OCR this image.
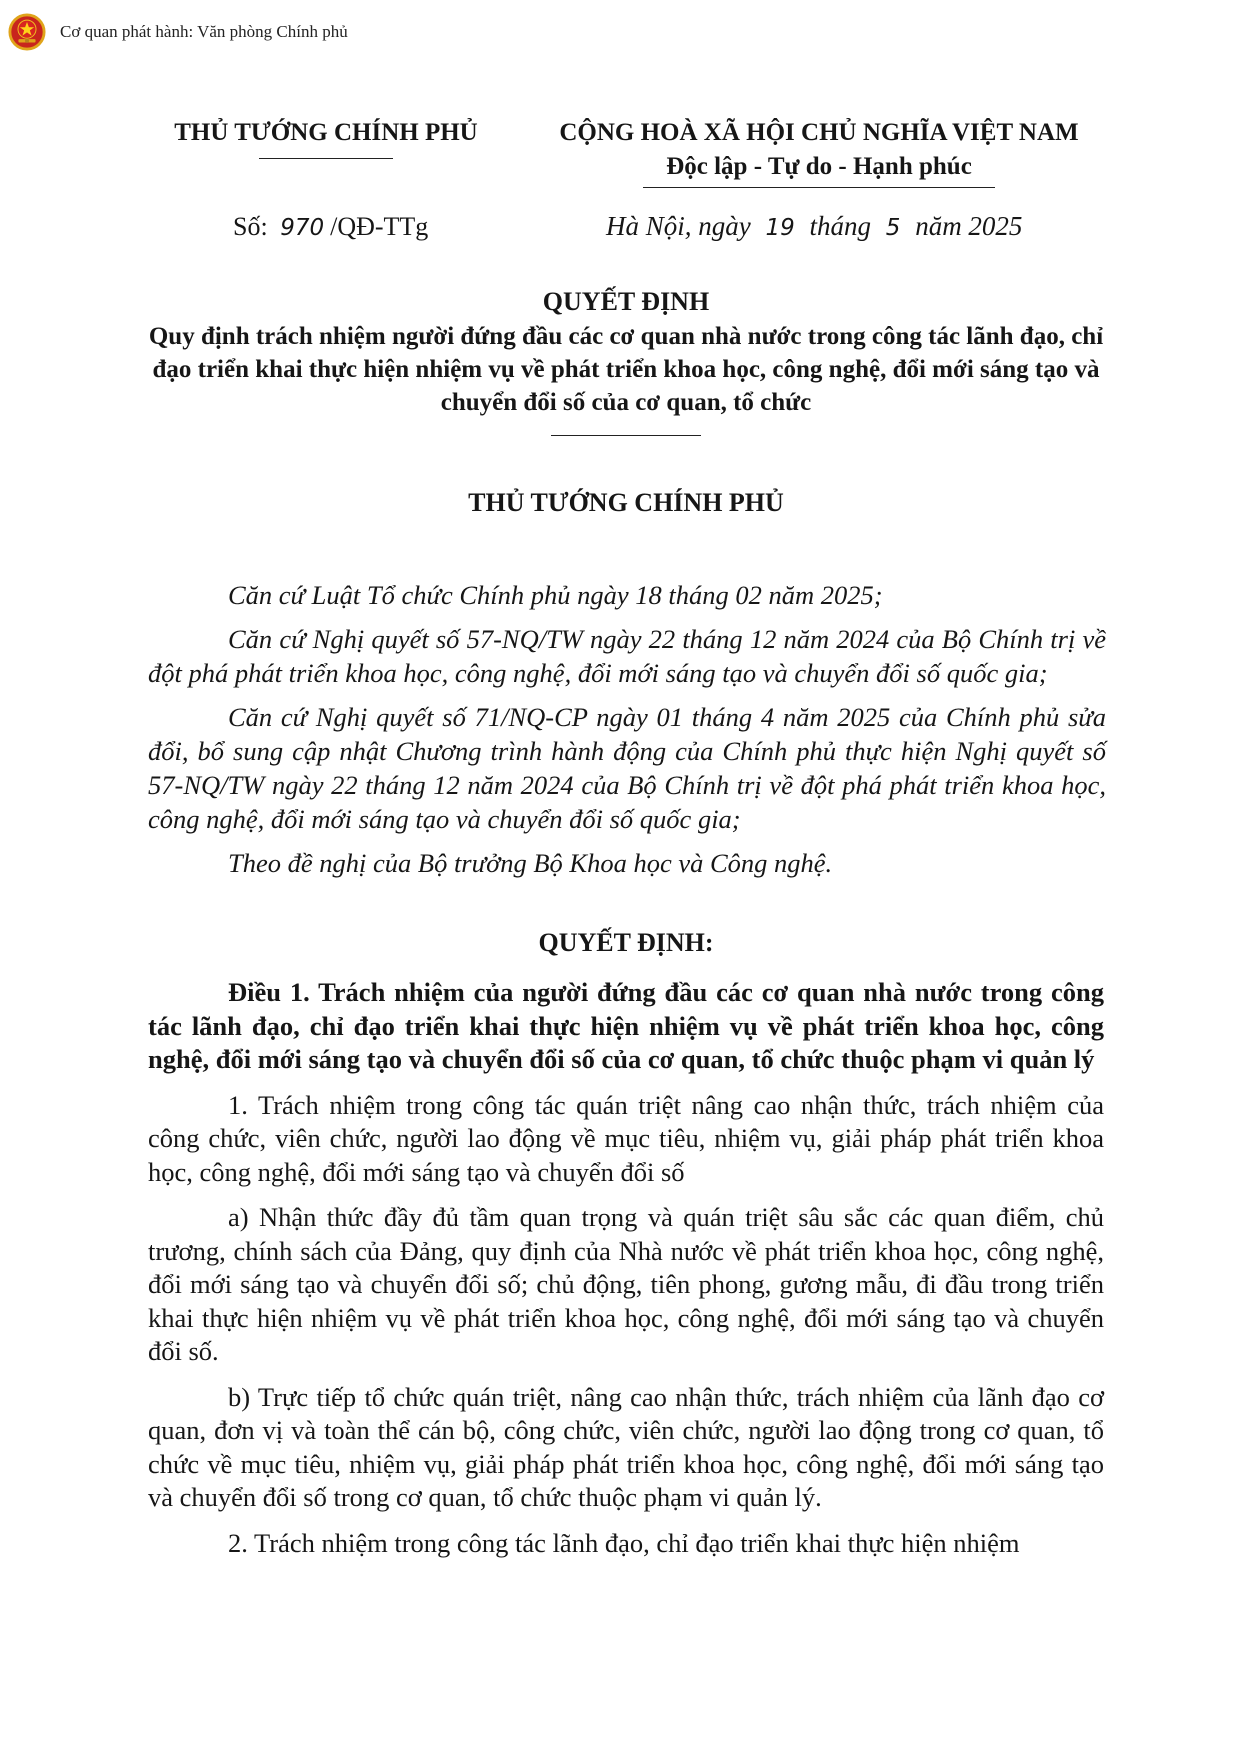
Cơ quan phát hành: Văn phòng Chính phủ
THỦ TƯỚNG CHÍNH PHỦ	CỘNG HOÀ XÃ HỘI CHỦ NGHĨA VIỆT NAM
Độc lập - Tự do - Hạnh phúc
Số: 970 /QĐ-TTg	Hà Nội, ngày 19 tháng 5 năm 2025
QUYẾT ĐỊNH
Quy định trách nhiệm người đứng đầu các cơ quan nhà nước trong công tác lãnh đạo, chỉ đạo triển khai thực hiện nhiệm vụ về phát triển khoa học, công nghệ, đổi mới sáng tạo và chuyển đổi số của cơ quan, tổ chức
THỦ TƯỚNG CHÍNH PHỦ

Căn cứ Luật Tổ chức Chính phủ ngày 18 tháng 02 năm 2025;

Căn cứ Nghị quyết số 57-NQ/TW ngày 22 tháng 12 năm 2024 của Bộ Chính trị về đột phá phát triển khoa học, công nghệ, đổi mới sáng tạo và chuyển đổi số quốc gia;

Căn cứ Nghị quyết số 71/NQ-CP ngày 01 tháng 4 năm 2025 của Chính phủ sửa đổi, bổ sung cập nhật Chương trình hành động của Chính phủ thực hiện Nghị quyết số 57-NQ/TW ngày 22 tháng 12 năm 2024 của Bộ Chính trị về đột phá phát triển khoa học, công nghệ, đổi mới sáng tạo và chuyển đổi số quốc gia;

Theo đề nghị của Bộ trưởng Bộ Khoa học và Công nghệ.

QUYẾT ĐỊNH:

Điều 1. Trách nhiệm của người đứng đầu các cơ quan nhà nước trong công tác lãnh đạo, chỉ đạo triển khai thực hiện nhiệm vụ về phát triển khoa học, công nghệ, đổi mới sáng tạo và chuyển đổi số của cơ quan, tổ chức thuộc phạm vi quản lý

1. Trách nhiệm trong công tác quán triệt nâng cao nhận thức, trách nhiệm của công chức, viên chức, người lao động về mục tiêu, nhiệm vụ, giải pháp phát triển khoa học, công nghệ, đổi mới sáng tạo và chuyển đổi số

a) Nhận thức đầy đủ tầm quan trọng và quán triệt sâu sắc các quan điểm, chủ trương, chính sách của Đảng, quy định của Nhà nước về phát triển khoa học, công nghệ, đổi mới sáng tạo và chuyển đổi số; chủ động, tiên phong, gương mẫu, đi đầu trong triển khai thực hiện nhiệm vụ về phát triển khoa học, công nghệ, đổi mới sáng tạo và chuyển đổi số.

b) Trực tiếp tổ chức quán triệt, nâng cao nhận thức, trách nhiệm của lãnh đạo cơ quan, đơn vị và toàn thể cán bộ, công chức, viên chức, người lao động trong cơ quan, tổ chức về mục tiêu, nhiệm vụ, giải pháp phát triển khoa học, công nghệ, đổi mới sáng tạo và chuyển đổi số trong cơ quan, tổ chức thuộc phạm vi quản lý.

2. Trách nhiệm trong công tác lãnh đạo, chỉ đạo triển khai thực hiện nhiệm
